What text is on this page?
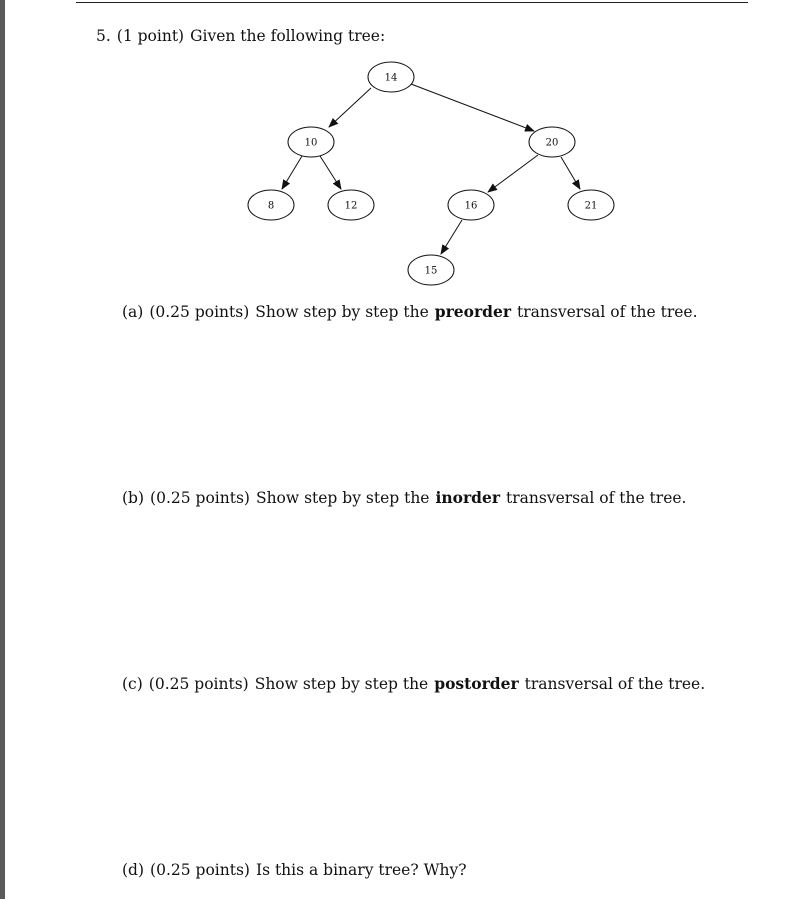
5. (1 point) Given the following tree:
14
10	20
8	12	16	21
15
(a) (0.25 points) Show step by step the preorder transversal of the tree.
(b) (0.25 points) Show step by step the inorder transversal of the tree.
(c) (0.25 points) Show step by step the postorder transversal of the tree.
(d) (0.25 points) Is this a binary tree? Why?
